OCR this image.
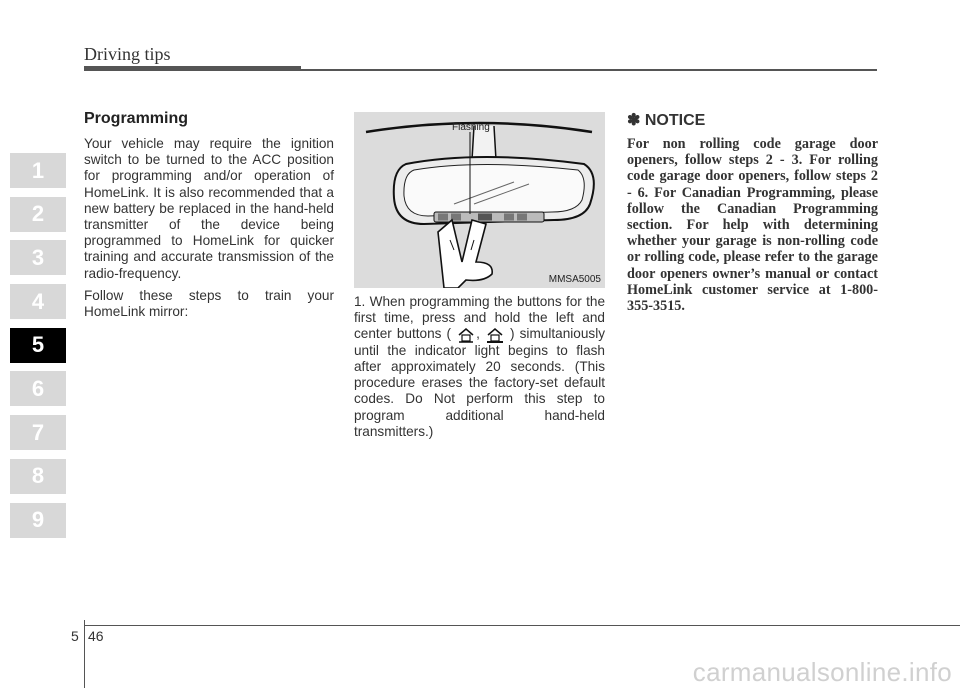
Driving tips
1
2
3
4
5
6
7
8
9
Programming

Your vehicle may require the ignition switch to be turned to the ACC position for programming and/or operation of HomeLink. It is also recommended that a new battery be replaced in the hand-held transmitter of the device being programmed to HomeLink for quicker training and accurate transmission of the radio-frequency.

Follow these steps to train your HomeLink mirror:

Flashing
MMSA5005

1. When programming the buttons for the first time, press and hold the left and center buttons ( , ) simultaniously until the indicator light begins to flash after approximately 20 seconds. (This procedure erases the factory-set default codes. Do Not perform this step to program additional hand-held transmitters.)

✽ NOTICE

For non rolling code garage door openers, follow steps 2 - 3. For rolling code garage door openers, follow steps 2 - 6. For Canadian Programming, please follow the Canadian Programming section. For help with determining whether your garage is non-rolling code or rolling code, please refer to the garage door openers owner’s manual or contact HomeLink customer service at 1-800-355-3515.

5 46
carmanualsonline.info
